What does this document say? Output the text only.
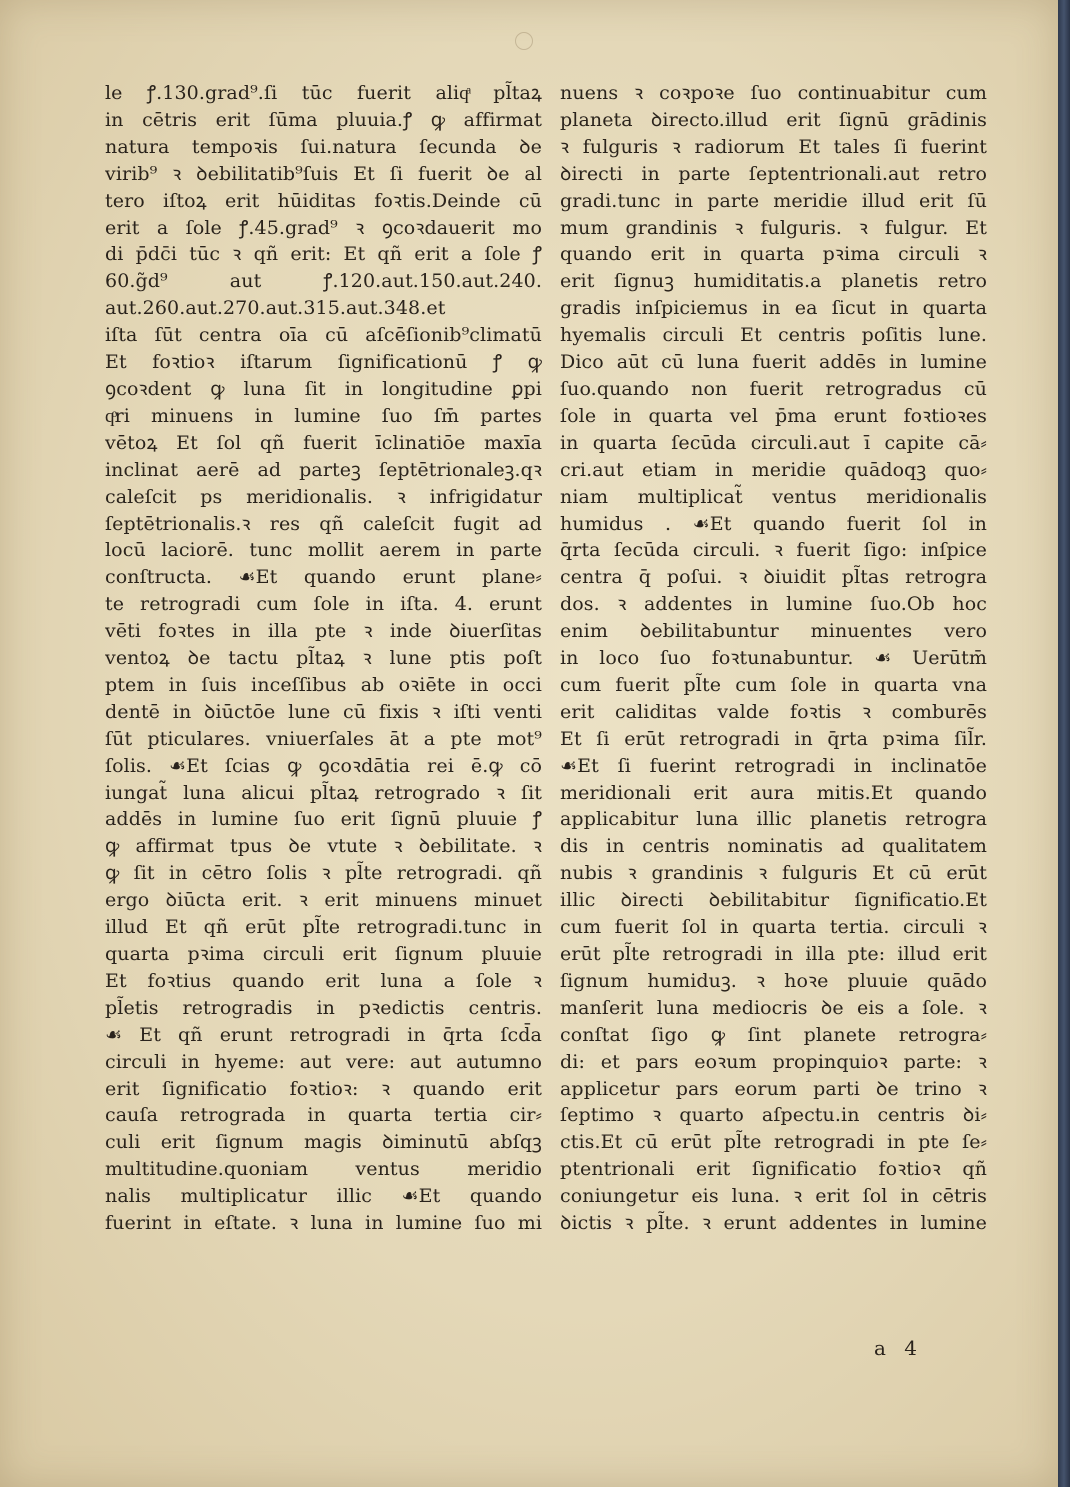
le ꝭ.130.grad⁹.ſi tūc fuerit aliqͣ pl̃taꝝ
in cētris erit ſūma pluuia.ꝭ ꝙ affirmat
natura tempoꝛis ſui.natura ſecunda ꝺe
virib⁹ ꝛ ꝺebilitatib⁹ſuis Et ſi fuerit ꝺe al
tero iſtoꝝ erit hūiditas foꝛtis.Deinde cū
erit a ſole ꝭ.45.grad⁹ ꝛ ꝯcoꝛdauerit mo
di p̄dc̄i tūc ꝛ qñ erit: Et qñ erit a ſole ꝭ
60.g̃d⁹ aut ꝭ.120.aut.150.aut.240.
aut.260.aut.270.aut.315.aut.348.et
iſta ſūt centra oīa cū aſcēſionib⁹climatū
Et foꝛtioꝛ iſtarum ſignificationū ꝭ ꝙ
ꝯcoꝛdent ꝙ luna ſit in longitudine ꝑpi
qͦri minuens in lumine ſuo ſm̄ partes
vētoꝝ Et ſol qñ fuerit īclinatiōe maxīa
inclinat aerē ad parteꝫ ſeptētrionaleꝫ.qꝛ
caleſcit ps meridionalis. ꝛ infrigidatur
ſeptētrionalis.ꝛ res qñ caleſcit fugit ad
locū laciorē. tunc mollit aerem in parte
conſtructa. ☙Et quando erunt plane⸗
te retrogradi cum ſole in iſta. 4. erunt
vēti foꝛtes in illa pte ꝛ inde ꝺiuerſitas
ventoꝝ ꝺe tactu pl̃taꝝ ꝛ lune ptis poſt
ptem in ſuis inceſſibus ab oꝛiēte in occi
dentē in ꝺiūctōe lune cū fixis ꝛ iſti venti
ſūt pticulares. vniuerſales āt a pte mot⁹
ſolis. ☙Et ſcias ꝙ ꝯcoꝛdātia rei ē.ꝙ cō
iungat̃ luna alicui pl̃taꝝ retrogrado ꝛ ſit
addēs in lumine ſuo erit ſignū pluuie ꝭ
ꝙ affirmat tpus ꝺe vtute ꝛ ꝺebilitate. ꝛ
ꝙ ſit in cētro ſolis ꝛ pl̃te retrogradi. qñ
ergo ꝺiūcta erit. ꝛ erit minuens minuet
illud Et qñ erūt pl̃te retrogradi.tunc in
quarta pꝛima circuli erit ſignum pluuie
Et foꝛtius quando erit luna a ſole ꝛ
pl̃etis retrogradis in pꝛedictis centris.
☙ Et qñ erunt retrogradi in q̄rta ſcd̄a
circuli in hyeme: aut vere: aut autumno
erit ſignificatio foꝛtioꝛ: ꝛ quando erit
cauſa retrograda in quarta tertia cir⸗
culi erit ſignum magis ꝺiminutū abſqꝫ
multitudine.quoniam ventus meridio
nalis multiplicatur illic ☙Et quando
fuerint in eſtate. ꝛ luna in lumine ſuo mi
nuens ꝛ coꝛpoꝛe ſuo continuabitur cum
planeta ꝺirecto.illud erit ſignū grādinis
ꝛ fulguris ꝛ radiorum Et tales ſi fuerint
ꝺirecti in parte ſeptentrionali.aut retro
gradi.tunc in parte meridie illud erit ſū
mum grandinis ꝛ fulguris. ꝛ fulgur. Et
quando erit in quarta pꝛima circuli ꝛ
erit ſignuꝫ humiditatis.a planetis retro
gradis inſpiciemus in ea ſicut in quarta
hyemalis circuli Et centris poſitis lune.
Dico aūt cū luna fuerit addēs in lumine
ſuo.quando non fuerit retrogradus cū
ſole in quarta vel p̄ma erunt foꝛtioꝛes
in quarta ſecūda circuli.aut ī capite cā⸗
cri.aut etiam in meridie quādoqꝫ quo⸗
niam multiplicat̃ ventus meridionalis
humidus . ☙Et quando fuerit ſol in
q̄rta ſecūda circuli. ꝛ fuerit ſigo: inſpice
centra q̄ poſui. ꝛ ꝺiuidit pl̃tas retrogra
dos. ꝛ addentes in lumine ſuo.Ob hoc
enim ꝺebilitabuntur minuentes vero
in loco ſuo foꝛtunabuntur. ☙ Uerūtm̄
cum fuerit pl̃te cum ſole in quarta vna
erit caliditas valde foꝛtis ꝛ comburēs
Et ſi erūt retrogradi in q̄rta pꝛima ſil̃r.
☙Et ſi fuerint retrogradi in inclinatōe
meridionali erit aura mitis.Et quando
applicabitur luna illic planetis retrogra
dis in centris nominatis ad qualitatem
nubis ꝛ grandinis ꝛ fulguris Et cū erūt
illic ꝺirecti ꝺebilitabitur ſignificatio.Et
cum fuerit ſol in quarta tertia. circuli ꝛ
erūt pl̃te retrogradi in illa pte: illud erit
ſignum humiduꝫ. ꝛ hoꝛe pluuie quādo
manſerit luna mediocris ꝺe eis a ſole. ꝛ
conſtat ſigo ꝙ ſint planete retrogra⸗
di: et pars eoꝛum propinquioꝛ parte: ꝛ
applicetur pars eorum parti ꝺe trino ꝛ
ſeptimo ꝛ quarto aſpectu.in centris ꝺi⸗
ctis.Et cū erūt pl̃te retrogradi in pte ſe⸗
ptentrionali erit ſignificatio foꝛtioꝛ qñ
coniungetur eis luna. ꝛ erit ſol in cētris
ꝺictis ꝛ pl̃te. ꝛ erunt addentes in lumine
a 4
